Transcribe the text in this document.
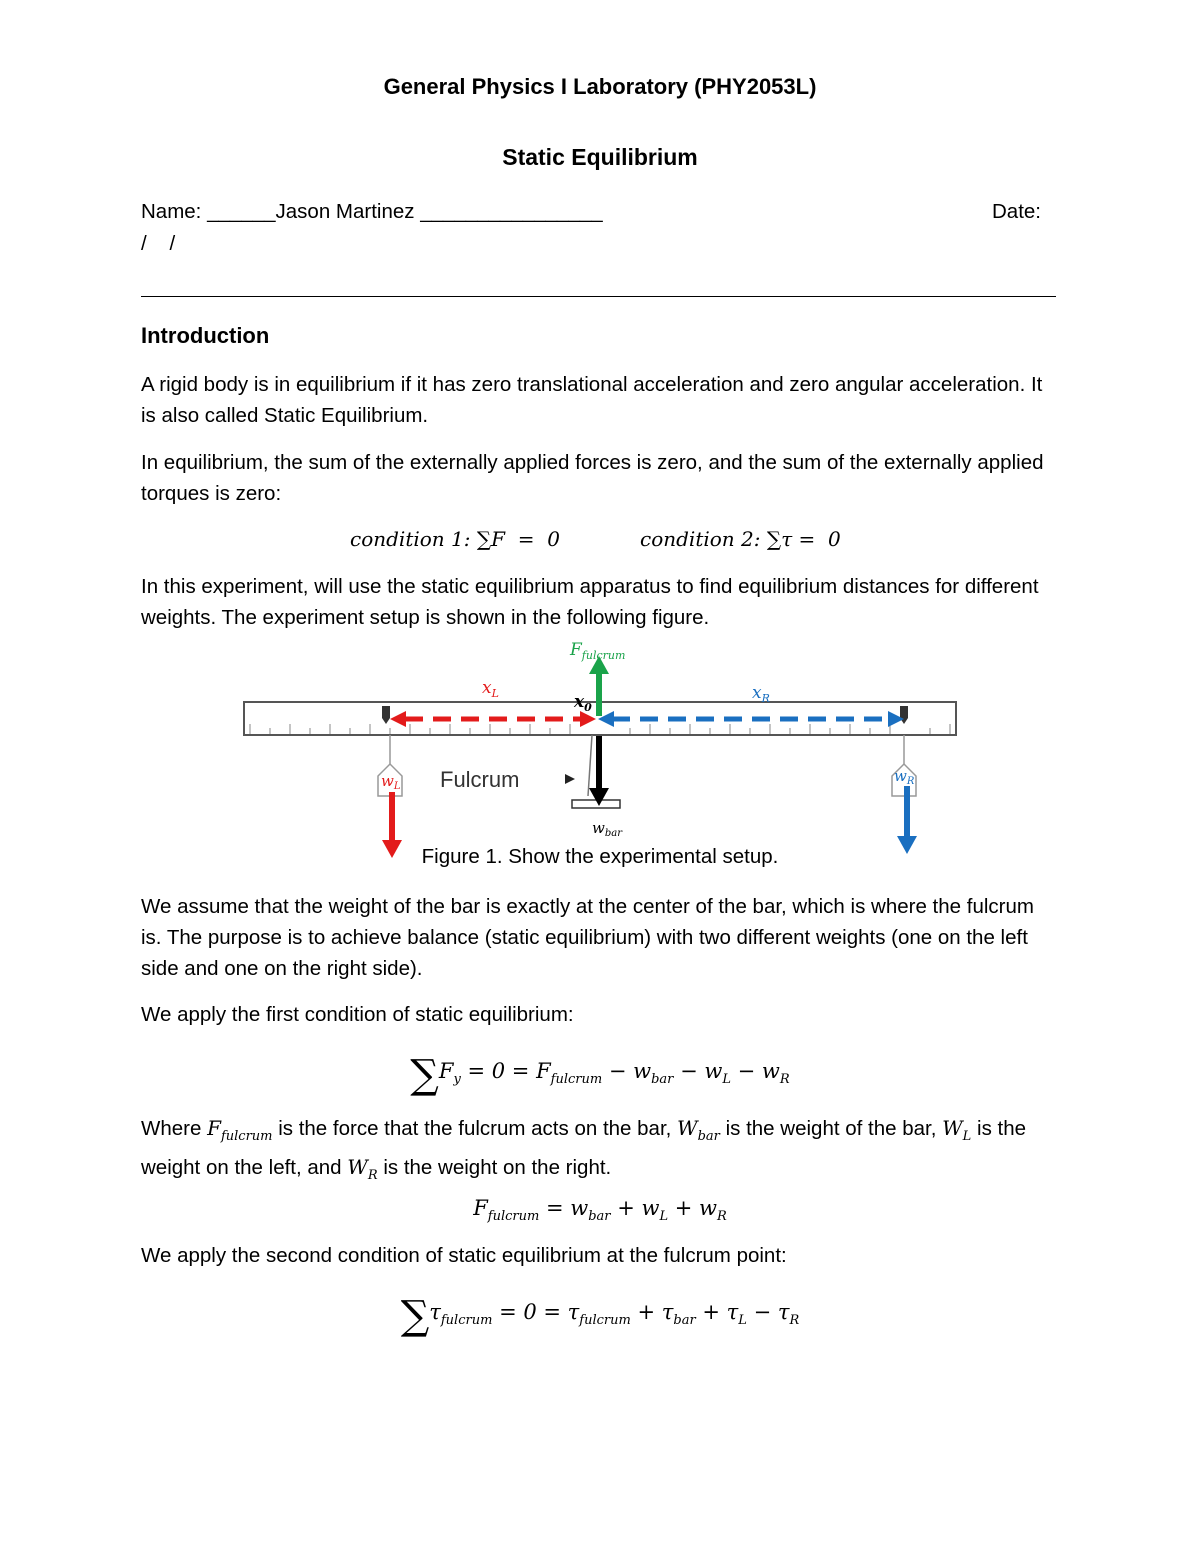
General Physics I Laboratory (PHY2053L)
Static Equilibrium
Name: ______Jason Martinez ________________	Date:
/    /
Introduction
A rigid body is in equilibrium if it has zero translational acceleration and zero angular acceleration. It is also called Static Equilibrium.
In equilibrium, the sum of the externally applied forces is zero, and the sum of the externally applied torques is zero:
condition 1: ∑F  =  0	condition 2: ∑τ =  0
In this experiment, will use the static equilibrium apparatus to find equilibrium distances for different weights. The experiment setup is shown in the following figure.
Fulcrum
$F_{fulcrum}$
$x_L$	$x_R$
$x_0$
$w_L$
$w_R$
$w_{bar}$
Figure 1. Show the experimental setup.
We assume that the weight of the bar is exactly at the center of the bar, which is where the fulcrum is. The purpose is to achieve balance (static equilibrium) with two different weights (one on the left side and one on the right side).
We apply the first condition of static equilibrium:
$\sum F_y = 0 = F_{fulcrum} - w_{bar} - w_L - w_R$
Where $F_{fulcrum}$ is the force that the fulcrum acts on the bar, $W_{bar}$ is the weight of the bar, $W_L$ is the weight on the left, and $W_R$ is the weight on the right.
$F_{fulcrum} = w_{bar} + w_L + w_R$
We apply the second condition of static equilibrium at the fulcrum point:
$\sum\tau_{fulcrum} = 0 = \tau_{fulcrum} + \tau_{bar} + \tau_L - \tau_R$
